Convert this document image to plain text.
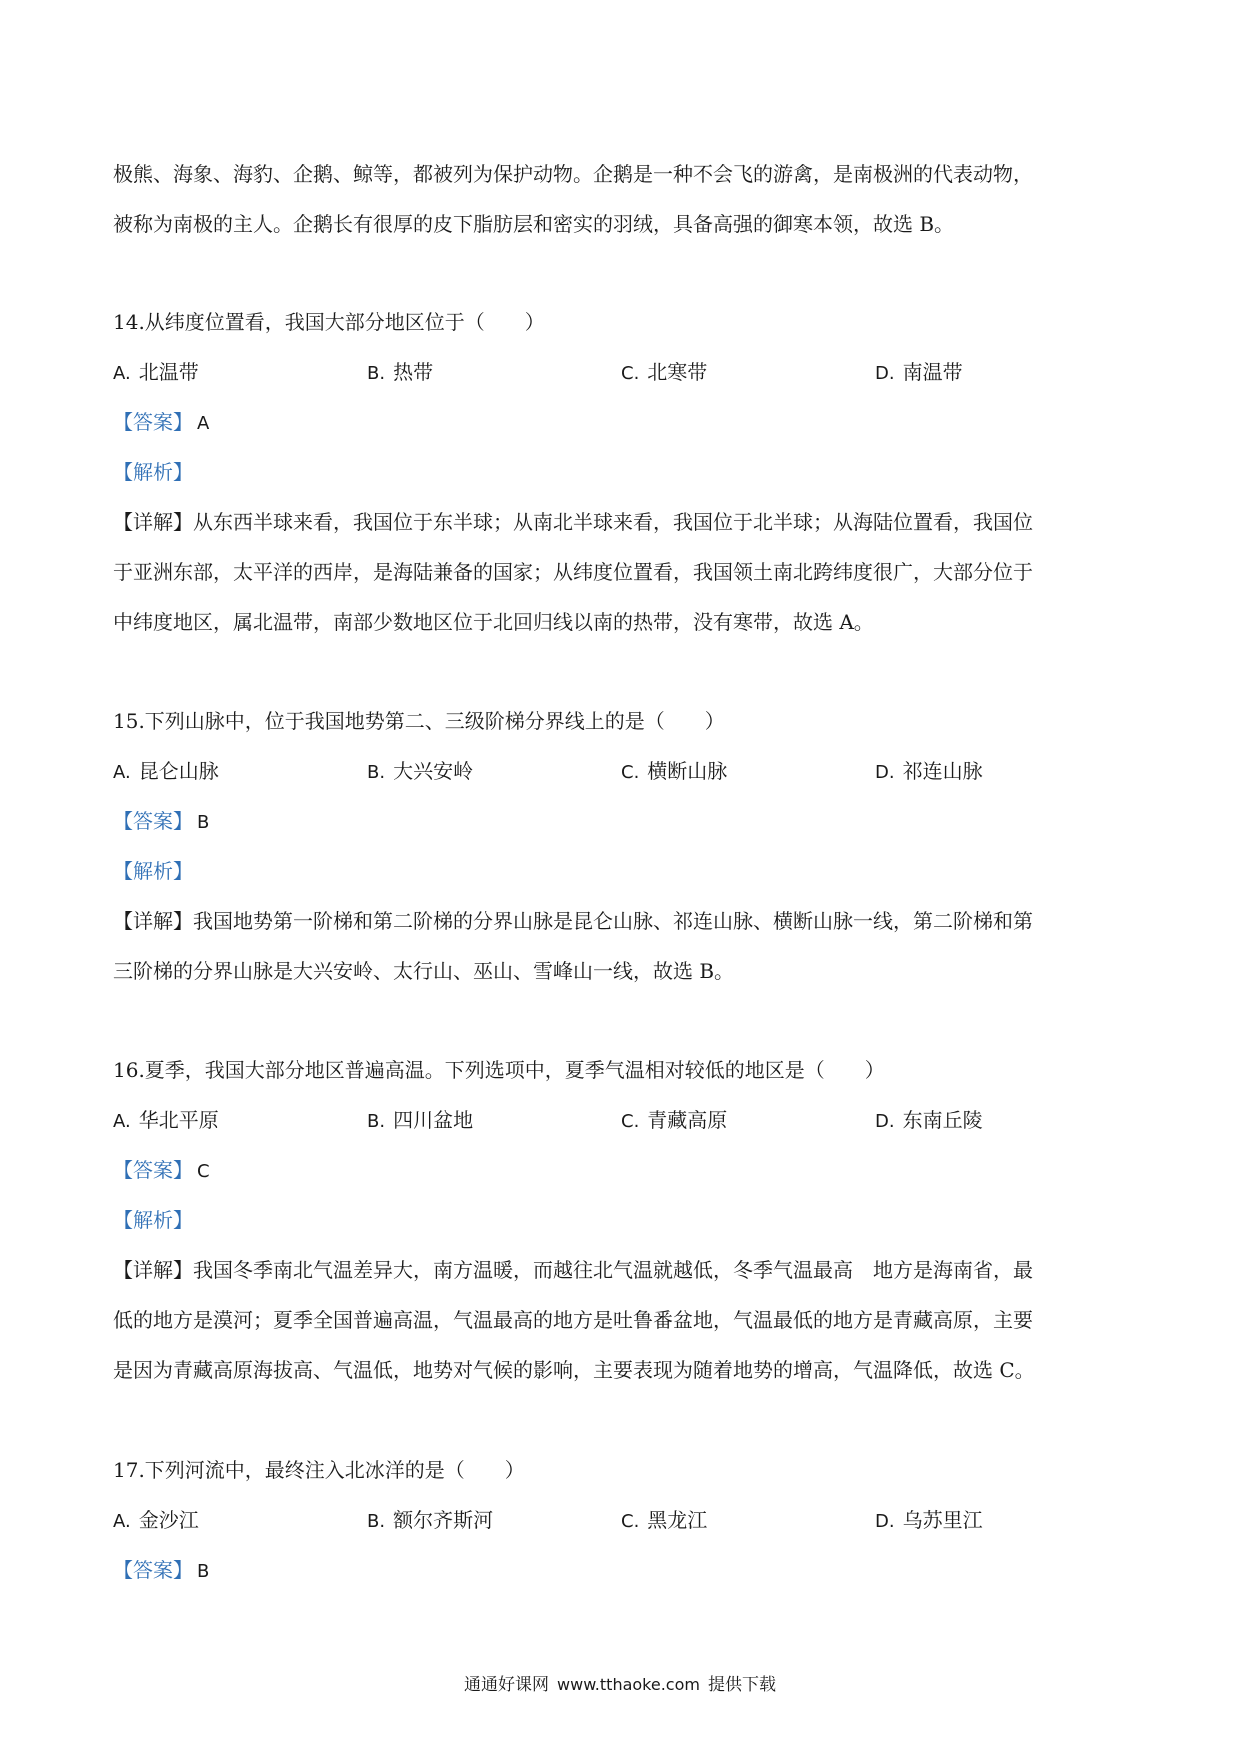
极熊、海象、海豹、企鹅、鲸等，都被列为保护动物。企鹅是一种不会飞的游禽，是南极洲的代表动物，
被称为南极的主人。企鹅长有很厚的皮下脂肪层和密实的羽绒，具备高强的御寒本领，故选 B。
14.从纬度位置看，我国大部分地区位于（　　）
A. 北温带	B. 热带	C. 北寒带	D. 南温带
【答案】 A
【解析】
【详解】从东西半球来看，我国位于东半球；从南北半球来看，我国位于北半球；从海陆位置看，我国位
于亚洲东部，太平洋的西岸，是海陆兼备的国家；从纬度位置看，我国领土南北跨纬度很广，大部分位于
中纬度地区，属北温带，南部少数地区位于北回归线以南的热带，没有寒带，故选 A。
15.下列山脉中，位于我国地势第二、三级阶梯分界线上的是（　　）
A. 昆仑山脉	B. 大兴安岭	C. 横断山脉	D. 祁连山脉
【答案】 B
【解析】
【详解】我国地势第一阶梯和第二阶梯的分界山脉是昆仑山脉、祁连山脉、横断山脉一线，第二阶梯和第
三阶梯的分界山脉是大兴安岭、太行山、巫山、雪峰山一线，故选 B。
16.夏季，我国大部分地区普遍高温。下列选项中，夏季气温相对较低的地区是（　　）
A. 华北平原	B. 四川盆地	C. 青藏高原	D. 东南丘陵
【答案】 C
【解析】
【详解】我国冬季南北气温差异大，南方温暖，而越往北气温就越低，冬季气温最高　地方是海南省，最
低的地方是漠河；夏季全国普遍高温，气温最高的地方是吐鲁番盆地，气温最低的地方是青藏高原，主要
是因为青藏高原海拔高、气温低，地势对气候的影响，主要表现为随着地势的增高，气温降低，故选 C。
17.下列河流中，最终注入北冰洋的是（　　）
A. 金沙江	B. 额尔齐斯河	C. 黑龙江	D. 乌苏里江
【答案】 B
通通好课网 www.tthaoke.com 提供下载
